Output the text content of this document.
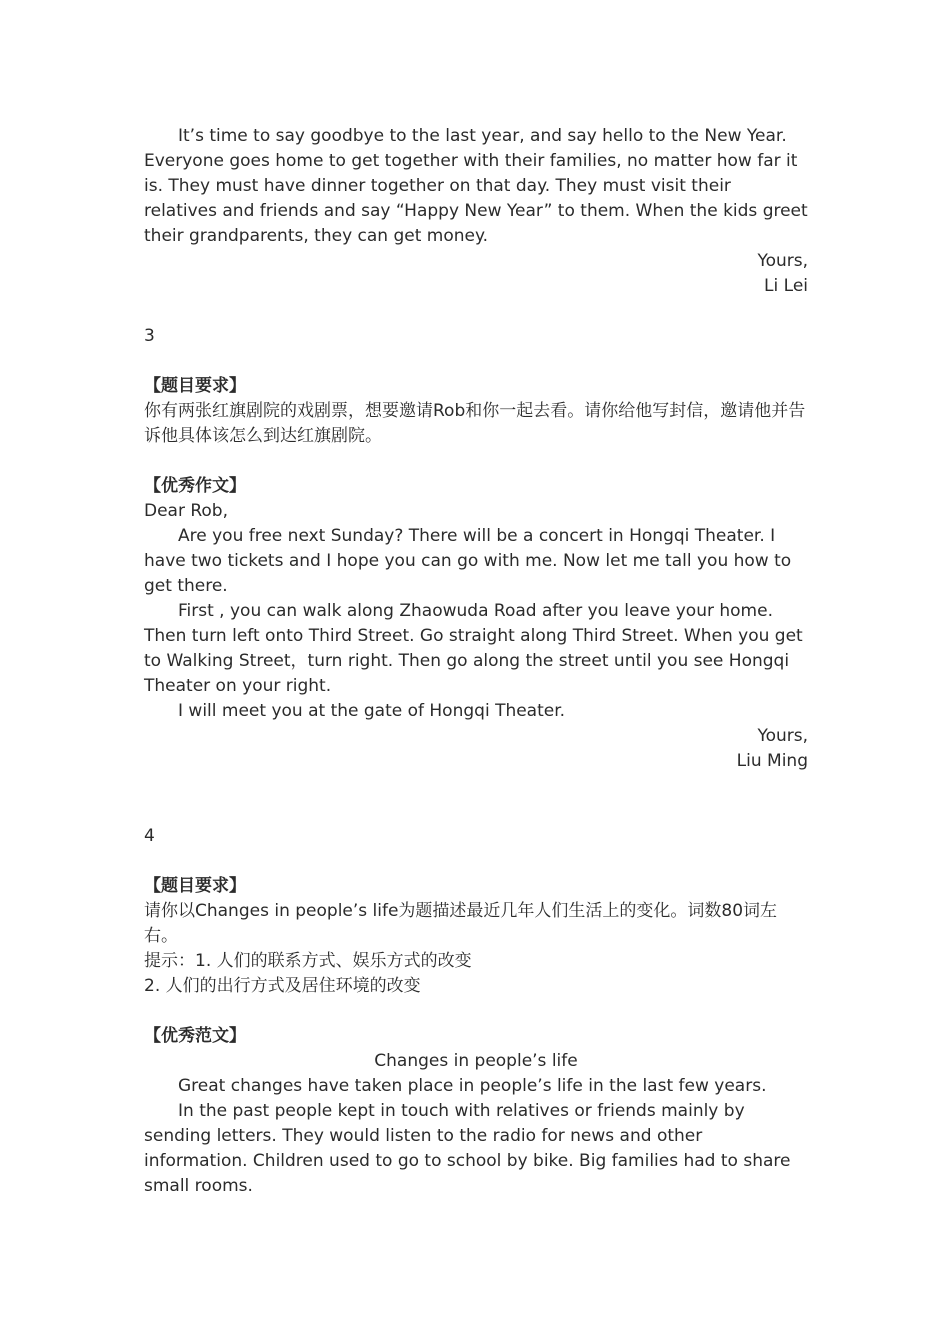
It’s time to say goodbye to the last year, and say hello to the New Year. Everyone goes home to get together with their families, no matter how far it is. They must have dinner together on that day. They must visit their relatives and friends and say “Happy New Year” to them. When the kids greet their grandparents, they can get money.

Yours,

Li Lei

3

【题目要求】

你有两张红旗剧院的戏剧票，想要邀请Rob和你一起去看。请你给他写封信，邀请他并告诉他具体该怎么到达红旗剧院。

【优秀作文】

Dear Rob,

Are you free next Sunday? There will be a concert in Hongqi Theater. I have two tickets and I hope you can go with me. Now let me tall you how to get there.

First , you can walk along Zhaowuda Road after you leave your home. Then turn left onto Third Street. Go straight along Third Street. When you get to Walking Street，turn right. Then go along the street until you see Hongqi Theater on your right.

I will meet you at the gate of Hongqi Theater.

Yours,

Liu Ming

4

【题目要求】

请你以Changes in people’s life为题描述最近几年人们生活上的变化。词数80词左右。

提示：1. 人们的联系方式、娱乐方式的改变

2. 人们的出行方式及居住环境的改变

【优秀范文】

Changes in people’s life

Great changes have taken place in people’s life in the last few years.

In the past people kept in touch with relatives or friends mainly by sending letters. They would listen to the radio for news and other information. Children used to go to school by bike. Big families had to share small rooms.
